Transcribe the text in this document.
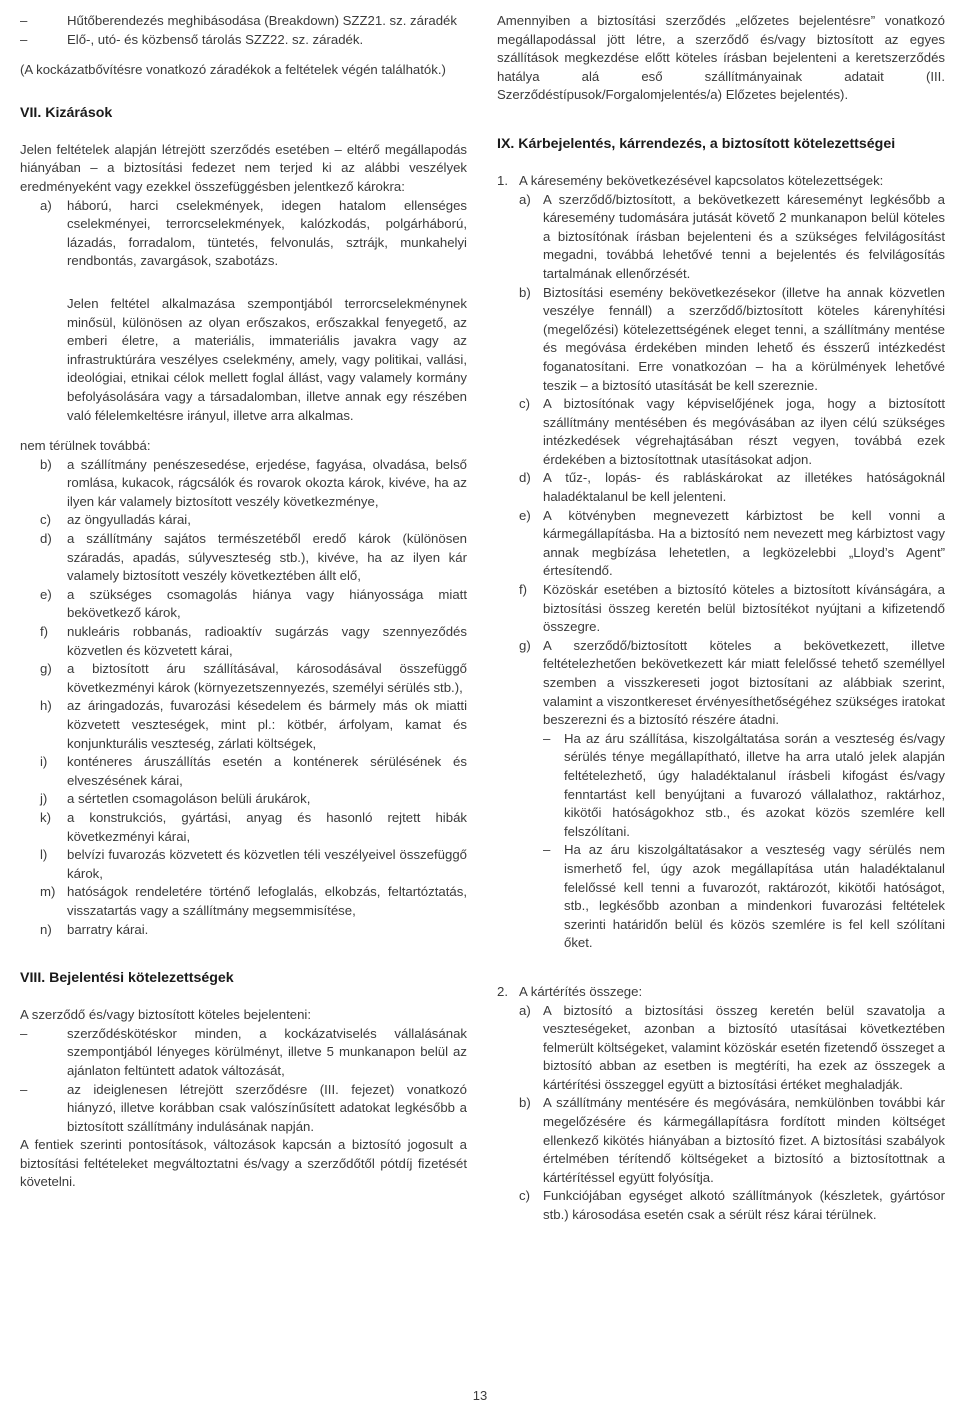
–	Hűtőberendezés meghibásodása (Breakdown) SZZ21. sz. záradék
–	Elő-, utó- és közbenső tárolás SZZ22. sz. záradék.

(A kockázatbővítésre vonatkozó záradékok a feltételek végén találhatók.)

VII. Kizárások

Jelen feltételek alapján létrejött szerződés esetében – eltérő megállapodás hiányában – a biztosítási fedezet nem terjed ki az alábbi veszélyek eredményeként vagy ezekkel összefüggésben jelentkező károkra:

a)	háború, harci cselekmények, idegen hatalom ellenséges cselekményei, terrorcselekmények, kalózkodás, polgárháború, lázadás, forradalom, tüntetés, felvonulás, sztrájk, munkahelyi rendbontás, zavargások, szabotázs.

Jelen feltétel alkalmazása szempontjából terrorcselekménynek minősül, különösen az olyan erőszakos, erőszakkal fenyegető, az emberi életre, a materiális, immateriális javakra vagy az infrastruktúrára veszélyes cselekmény, amely, vagy politikai, vallási, ideológiai, etnikai célok mellett foglal állást, vagy valamely kormány befolyásolására vagy a társadalomban, illetve annak egy részében való félelemkeltésre irányul, illetve arra alkalmas.

nem térülnek továbbá:

b)	a szállítmány penészesedése, erjedése, fagyása, olvadása, belső romlása, kukacok, rágcsálók és rovarok okozta károk, kivéve, ha az ilyen kár valamely biztosított veszély következménye,
c)	az öngyulladás kárai,
d)	a szállítmány sajátos természetéből eredő károk (különösen száradás, apadás, súlyveszteség stb.), kivéve, ha az ilyen kár valamely biztosított veszély következtében állt elő,
e)	a szükséges csomagolás hiánya vagy hiányossága miatt bekövetkező károk,
f)	nukleáris robbanás, radioaktív sugárzás vagy szennyeződés közvetlen és közvetett kárai,
g)	a biztosított áru szállításával, károsodásával összefüggő következményi károk (környezetszennyezés, személyi sérülés stb.),
h)	az áringadozás, fuvarozási késedelem és bármely más ok miatti közvetett veszteségek, mint pl.: kötbér, árfolyam, kamat és konjunkturális veszteség, zárlati költségek,
i)	konténeres áruszállítás esetén a konténerek sérülésének és elveszésének kárai,
j)	a sértetlen csomagoláson belüli árukárok,
k)	a konstrukciós, gyártási, anyag és hasonló rejtett hibák következményi kárai,
l)	belvízi fuvarozás közvetett és közvetlen téli veszélyeivel összefüggő károk,
m) hatóságok rendeletére történő lefoglalás, elkobzás, feltartóztatás, visszatartás vagy a szállítmány megsemmisítése,
n)	barratry kárai.

VIII. Bejelentési kötelezettségek

A szerződő és/vagy biztosított köteles bejelenteni:

–	szerződéskötéskor minden, a kockázatviselés vállalásának szempontjából lényeges körülményt, illetve 5 munkanapon belül az ajánlaton feltüntett adatok változását,
–	az ideiglenesen létrejött szerződésre (III. fejezet) vonatkozó hiányzó, illetve korábban csak valószínűsített adatokat legkésőbb a biztosított szállítmány indulásának napján.

A fentiek szerinti pontosítások, változások kapcsán a biztosító jogosult a biztosítási feltételeket megváltoztatni és/vagy a szerződőtől pótdíj fizetését követelni.

Amennyiben a biztosítási szerződés „előzetes bejelentésre” vonatkozó megállapodással jött létre, a szerződő és/vagy biztosított az egyes szállítások megkezdése előtt köteles írásban bejelenteni a keretszerződés hatálya alá eső szállítmányainak adatait (III. Szerződéstípusok/Forgalomjelentés/a) Előzetes bejelentés).

IX. Kárbejelentés, kárrendezés, a biztosított kötelezettségei

1. A káresemény bekövetkezésével kapcsolatos kötelezettségek:
a) A szerződő/biztosított, a bekövetkezett káreseményt legkésőbb a káresemény tudomására jutását követő 2 munkanapon belül köteles a biztosítónak írásban bejelenteni és a szükséges felvilágosítást megadni, továbbá lehetővé tenni a bejelentés és felvilágosítás tartalmának ellenőrzését.
b) Biztosítási esemény bekövetkezésekor (illetve ha annak közvetlen veszélye fennáll) a szerződő/biztosított köteles kárenyhítési (megelőzési) kötelezettségének eleget tenni, a szállítmány mentése és megóvása érdekében minden lehető és ésszerű intézkedést foganatosítani. Erre vonatkozóan – ha a körülmények lehetővé teszik – a biztosító utasítását be kell szereznie.
c) A biztosítónak vagy képviselőjének joga, hogy a biztosított szállítmány mentésében és megóvásában az ilyen célú szükséges intézkedések végrehajtásában részt vegyen, továbbá ezek érdekében a biztosítottnak utasításokat adjon.
d) A tűz-, lopás- és rabláskárokat az illetékes hatóságoknál haladéktalanul be kell jelenteni.
e) A kötvényben megnevezett kárbiztost be kell vonni a kármegállapításba. Ha a biztosító nem nevezett meg kárbiztost vagy annak megbízása lehetetlen, a legközelebbi „Lloyd’s Agent” értesítendő.
f)	Közöskár esetében a biztosító köteles a biztosított kívánságára, a biztosítási összeg keretén belül biztosítékot nyújtani a kifizetendő összegre.
g) A szerződő/biztosított köteles a bekövetkezett, illetve feltételezhetően bekövetkezett kár miatt felelőssé tehető személlyel szemben a visszkereseti jogot biztosítani az alábbiak szerint, valamint a viszontkereset érvényesíthetőségéhez szükséges iratokat beszerezni és a biztosító részére átadni.
–	Ha az áru szállítása, kiszolgáltatása során a veszteség és/vagy sérülés ténye megállapítható, illetve ha arra utaló jelek alapján feltételezhető, úgy haladéktalanul írásbeli kifogást és/vagy fenntartást kell benyújtani a fuvarozó vállalathoz, raktárhoz, kikötői hatóságokhoz stb., és azokat közös szemlére kell felszólítani.
–	Ha az áru kiszolgáltatásakor a veszteség vagy sérülés nem ismerhető fel, úgy azok megállapítása után haladéktalanul felelőssé kell tenni a fuvarozót, raktározót, kikötői hatóságot, stb., legkésőbb azonban a mindenkori fuvarozási feltételek szerinti határidőn belül és közös szemlére is fel kell szólítani őket.
2. A kártérítés összege:
a) A biztosító a biztosítási összeg keretén belül szavatolja a veszteségeket, azonban a biztosító utasításai következtében felmerült költségeket, valamint közöskár esetén fizetendő összeget a biztosító abban az esetben is megtéríti, ha ezek az összegek a kártérítési összeggel együtt a biztosítási értéket meghaladják.
b) A szállítmány mentésére és megóvására, nemkülönben további kár megelőzésére és kármegállapításra fordított minden költséget ellenkező kikötés hiányában a biztosító fizet. A biztosítási szabályok értelmében térítendő költségeket a biztosító a biztosítottnak a kártérítéssel együtt folyósítja.
c) Funkciójában egységet alkotó szállítmányok (készletek, gyártósor stb.) károsodása esetén csak a sérült rész kárai térülnek.
13
